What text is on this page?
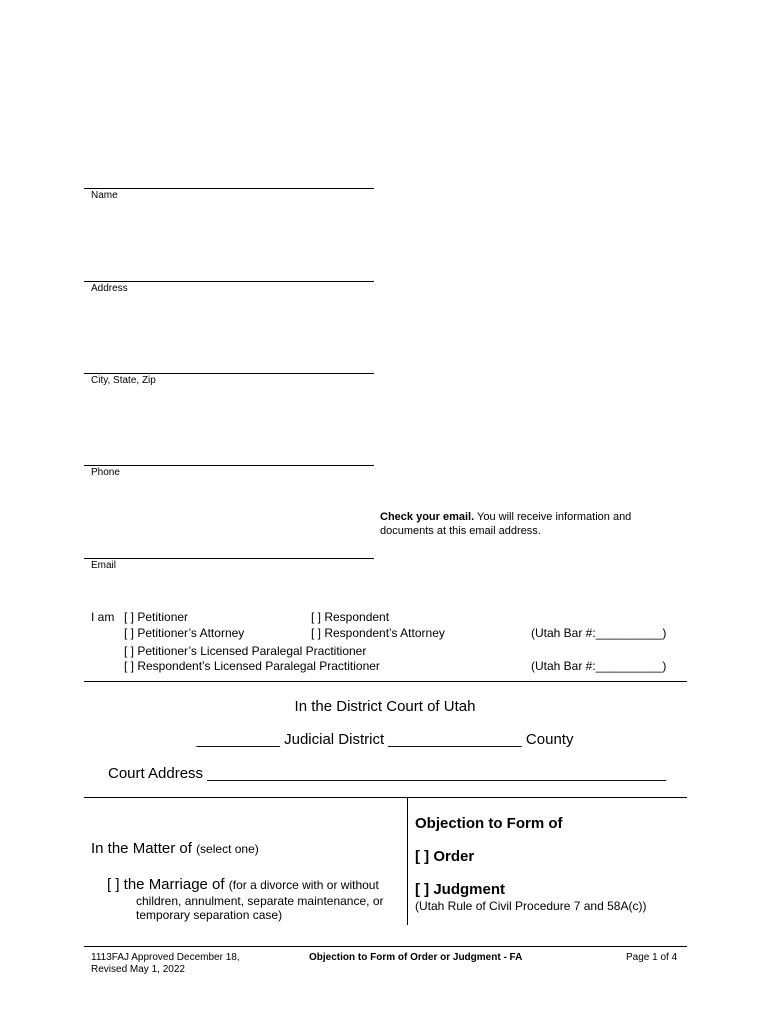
Name
Address
City, State, Zip
Phone
Email
Check your email. You will receive information and
documents at this email address.
I am [ ] Petitioner	[ ] Respondent
[ ] Petitioner’s Attorney	[ ] Respondent’s Attorney	(Utah Bar #:__________)
[ ] Petitioner’s Licensed Paralegal Practitioner
[ ] Respondent’s Licensed Paralegal Practitioner	(Utah Bar #:__________)
In the District Court of Utah
__________ Judicial District ________________ County
Court Address _______________________________________________________
In the Matter of (select one)
[ ] the Marriage of (for a divorce with or without
children, annulment, separate maintenance, or
temporary separation case)
Objection to Form of
[ ] Order
[ ] Judgment
(Utah Rule of Civil Procedure 7 and 58A(c))
1113FAJ Approved December 18,
Revised May 1, 2022
Objection to Form of Order or Judgment - FA	Page 1 of 4
